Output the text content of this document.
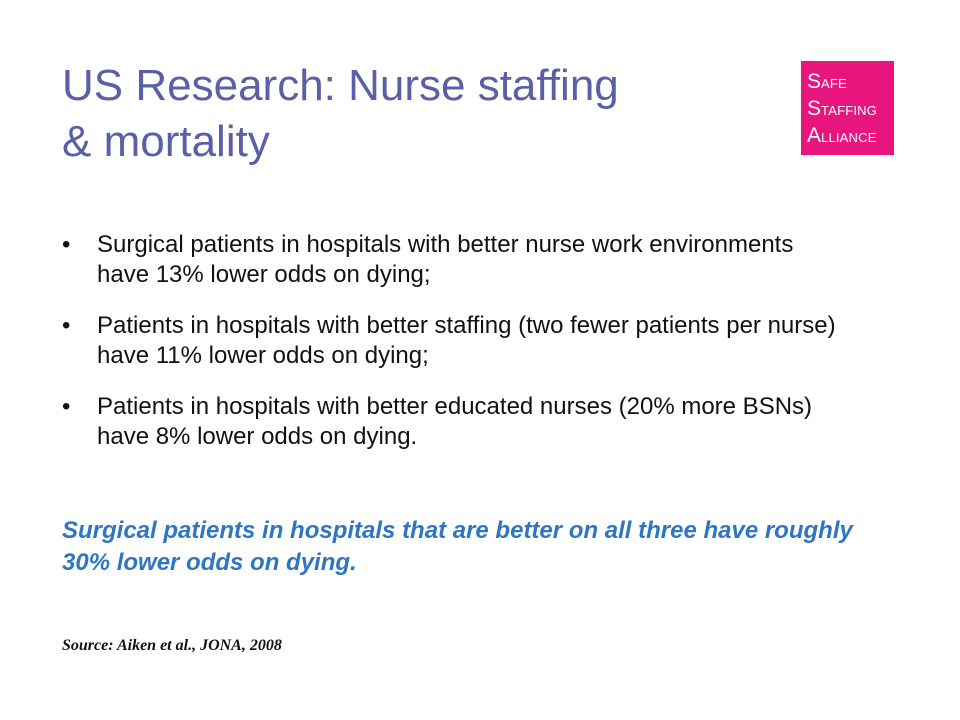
US Research: Nurse staffing
& mortality
SAFE
STAFFING
ALLIANCE
•	Surgical patients in hospitals with better nurse work environments have 13% lower odds on dying;
•	Patients in hospitals with better staffing (two fewer patients per nurse) have 11% lower odds on dying;
•	Patients in hospitals with better educated nurses (20% more BSNs) have 8% lower odds on dying.

Surgical patients in hospitals that are better on all three have roughly 30% lower odds on dying.

Source: Aiken et al., JONA, 2008
